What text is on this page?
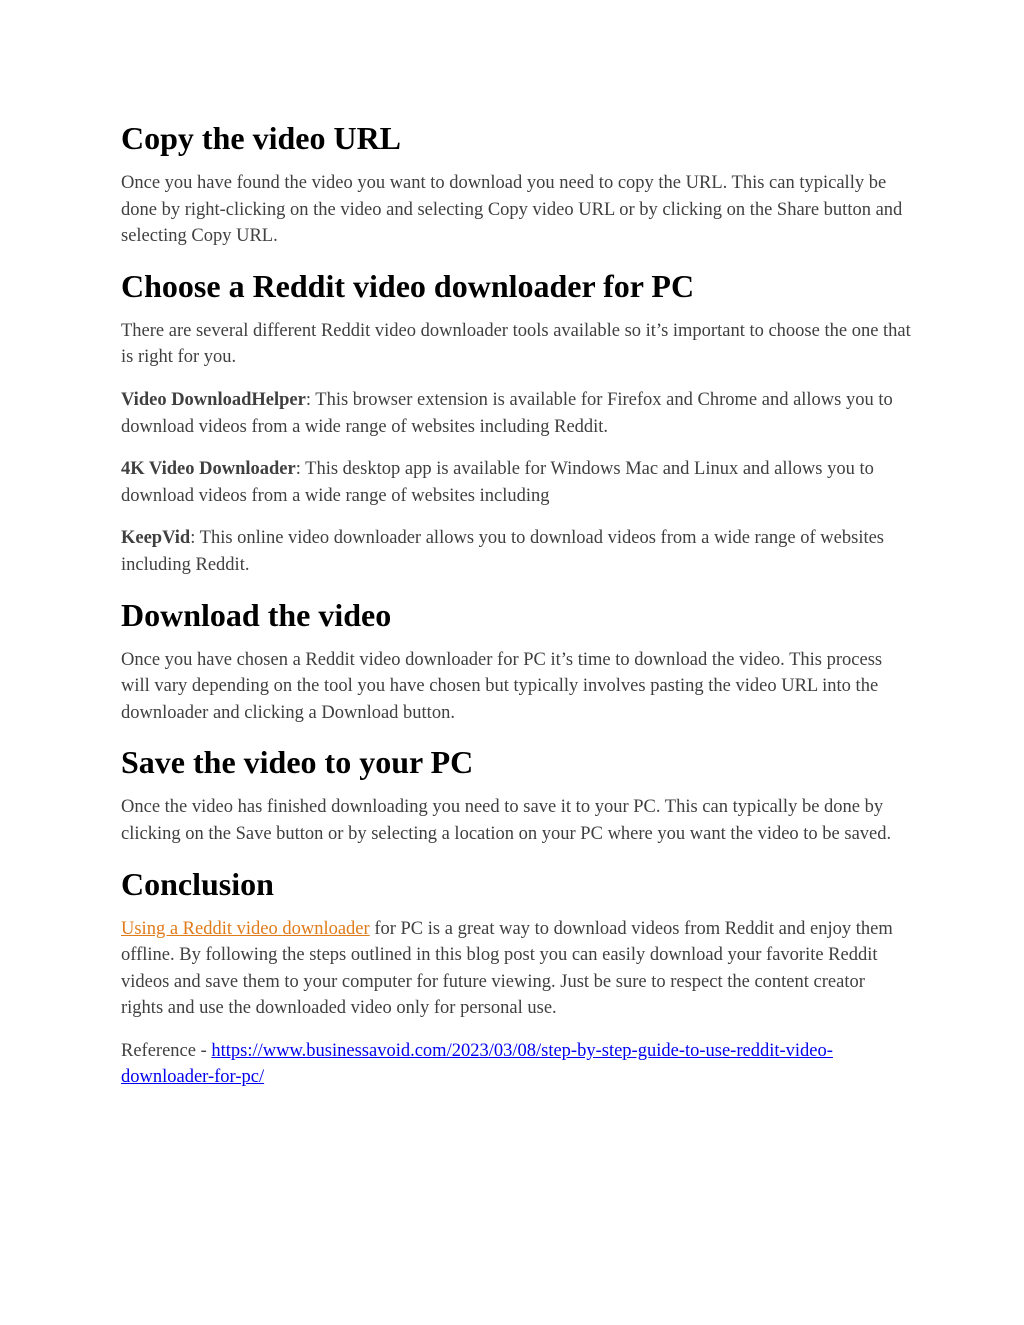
Copy the video URL

Once you have found the video you want to download you need to copy the URL. This can typically be done by right-clicking on the video and selecting Copy video URL or by clicking on the Share button and selecting Copy URL.

Choose a Reddit video downloader for PC

There are several different Reddit video downloader tools available so it’s important to choose the one that is right for you.

Video DownloadHelper: This browser extension is available for Firefox and Chrome and allows you to download videos from a wide range of websites including Reddit.

4K Video Downloader: This desktop app is available for Windows Mac and Linux and allows you to download videos from a wide range of websites including

KeepVid: This online video downloader allows you to download videos from a wide range of websites including Reddit.

Download the video

Once you have chosen a Reddit video downloader for PC it’s time to download the video. This process will vary depending on the tool you have chosen but typically involves pasting the video URL into the downloader and clicking a Download button.

Save the video to your PC

Once the video has finished downloading you need to save it to your PC. This can typically be done by clicking on the Save button or by selecting a location on your PC where you want the video to be saved.

Conclusion

Using a Reddit video downloader for PC is a great way to download videos from Reddit and enjoy them offline. By following the steps outlined in this blog post you can easily download your favorite Reddit videos and save them to your computer for future viewing. Just be sure to respect the content creator rights and use the downloaded video only for personal use.

Reference - https://www.businessavoid.com/2023/03/08/step-by-step-guide-to-use-reddit-video-downloader-for-pc/
